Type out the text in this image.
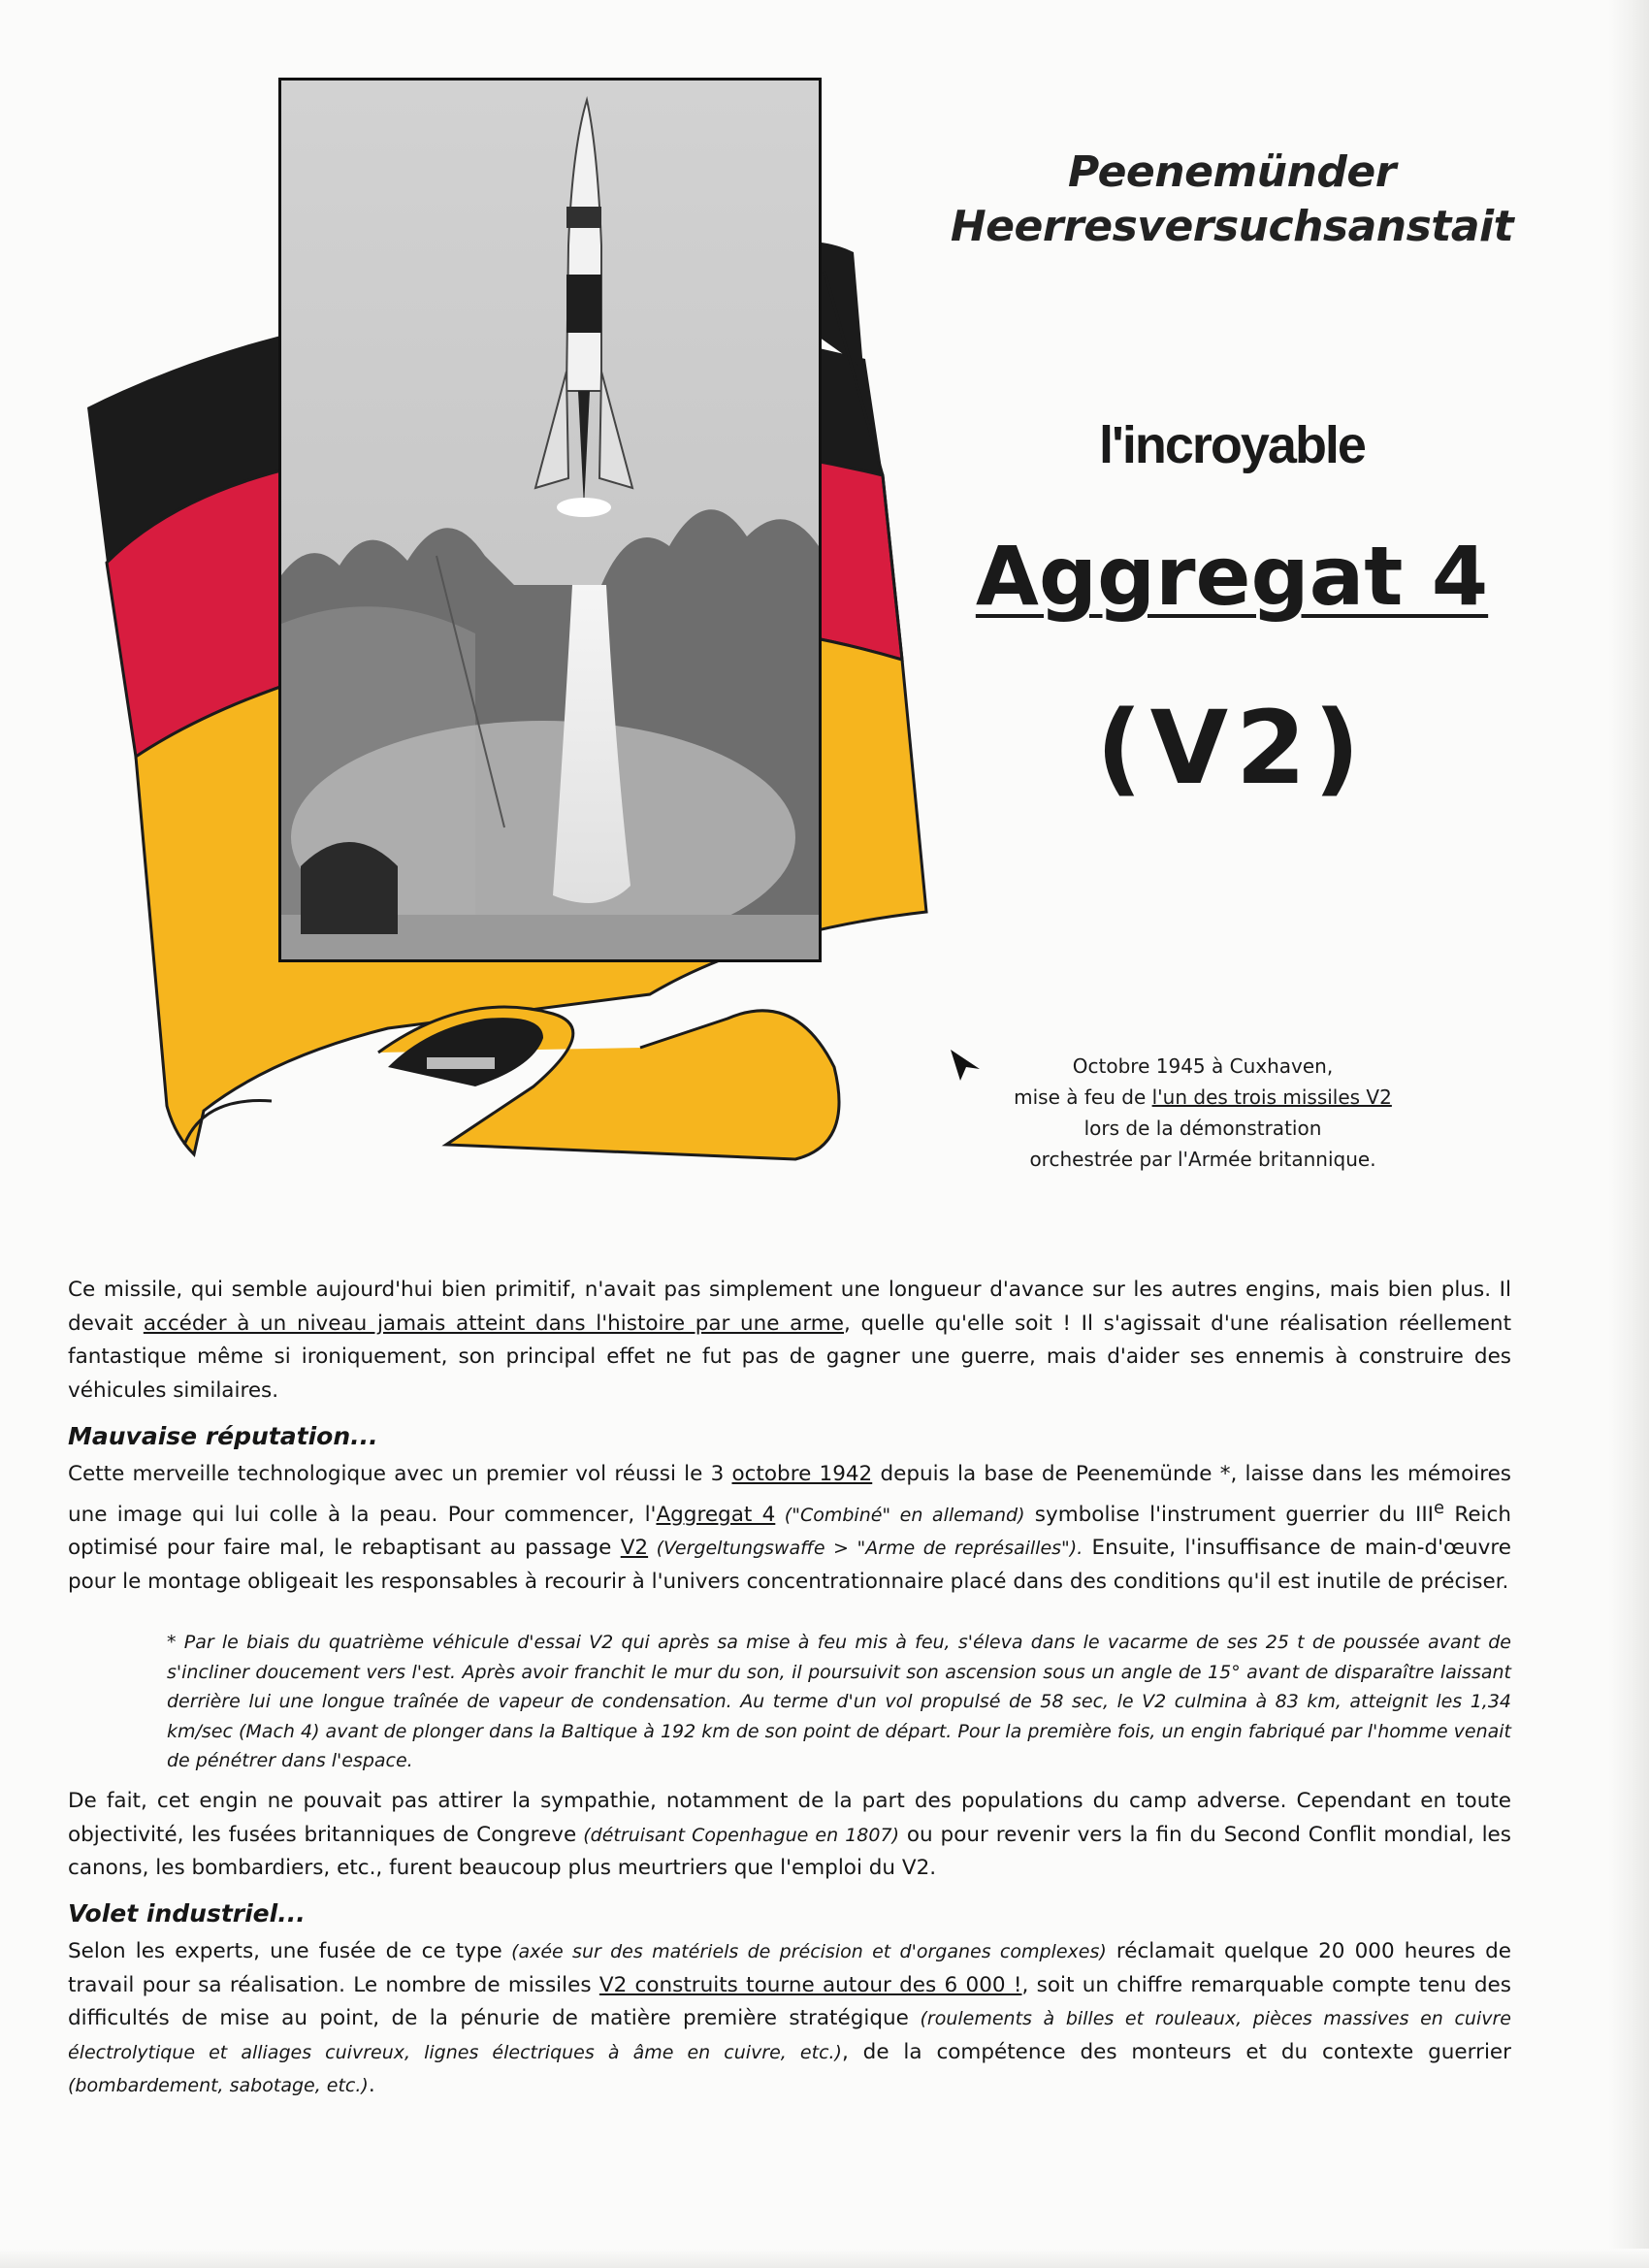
Peenemünder
Heerresversuchsanstait
l'incroyable
Aggregat 4
(V2)
Octobre 1945 à Cuxhaven,
mise à feu de l'un des trois missiles V2
lors de la démonstration
orchestrée par l'Armée britannique.
Ce missile, qui semble aujourd'hui bien primitif, n'avait pas simplement une longueur d'avance sur les autres engins, mais bien plus. Il devait accéder à un niveau jamais atteint dans l'histoire par une arme, quelle qu'elle soit ! Il s'agissait d'une réalisation réellement fantastique même si ironiquement, son principal effet ne fut pas de gagner une guerre, mais d'aider ses ennemis à construire des véhicules similaires.
Mauvaise réputation...
Cette merveille technologique avec un premier vol réussi le 3 octobre 1942 depuis la base de Peenemünde *, laisse dans les mémoires une image qui lui colle à la peau. Pour commencer, l'Aggregat 4 ("Combiné" en allemand) symbolise l'instrument guerrier du IIIe Reich optimisé pour faire mal, le rebaptisant au passage V2 (Vergeltungswaffe > "Arme de représailles"). Ensuite, l'insuffisance de main-d'œuvre pour le montage obligeait les responsables à recourir à l'univers concentrationnaire placé dans des conditions qu'il est inutile de préciser.
* Par le biais du quatrième véhicule d'essai V2 qui après sa mise à feu mis à feu, s'éleva dans le vacarme de ses 25 t de poussée avant de s'incliner doucement vers l'est. Après avoir franchit le mur du son, il poursuivit son ascension sous un angle de 15° avant de disparaître laissant derrière lui une longue traînée de vapeur de condensation. Au terme d'un vol propulsé de 58 sec, le V2 culmina à 83 km, atteignit les 1,34 km/sec (Mach 4) avant de plonger dans la Baltique à 192 km de son point de départ. Pour la première fois, un engin fabriqué par l'homme venait de pénétrer dans l'espace.
De fait, cet engin ne pouvait pas attirer la sympathie, notamment de la part des populations du camp adverse. Cependant en toute objectivité, les fusées britanniques de Congreve (détruisant Copenhague en 1807) ou pour revenir vers la fin du Second Conflit mondial, les canons, les bombardiers, etc., furent beaucoup plus meurtriers que l'emploi du V2.
Volet industriel...
Selon les experts, une fusée de ce type (axée sur des matériels de précision et d'organes complexes) réclamait quelque 20 000 heures de travail pour sa réalisation. Le nombre de missiles V2 construits tourne autour des 6 000 !, soit un chiffre remarquable compte tenu des difficultés de mise au point, de la pénurie de matière première stratégique (roulements à billes et rouleaux, pièces massives en cuivre électrolytique et alliages cuivreux, lignes électriques à âme en cuivre, etc.), de la compétence des monteurs et du contexte guerrier (bombardement, sabotage, etc.).
